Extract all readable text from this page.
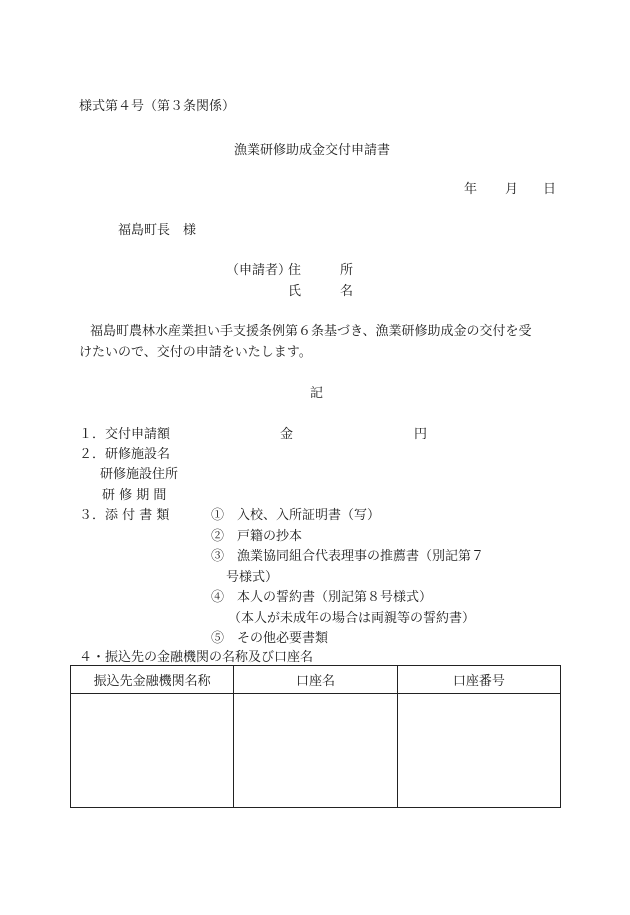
様式第４号（第３条関係）
漁業研修助成金交付申請書
年 月 日
福島町長　様
（申請者）
住	所
氏	名
福島町農林水産業担い手支援条例第６条基づき、漁業研修助成金の交付を受
けたいので、交付の申請をいたします。
記
１．交付申請額	金	円
２．研修施設名
研修施設住所
研 修 期 間
３．添 付 書 類	①　入校、入所証明書（写）
②　戸籍の抄本
③　漁業協同組合代表理事の推薦書（別記第７
号様式）
④　本人の誓約書（別記第８号様式）
（本人が未成年の場合は両親等の誓約書）
⑤　その他必要書類
４・振込先の金融機関の名称及び口座名
振込先金融機関名称	口座名	口座番号
